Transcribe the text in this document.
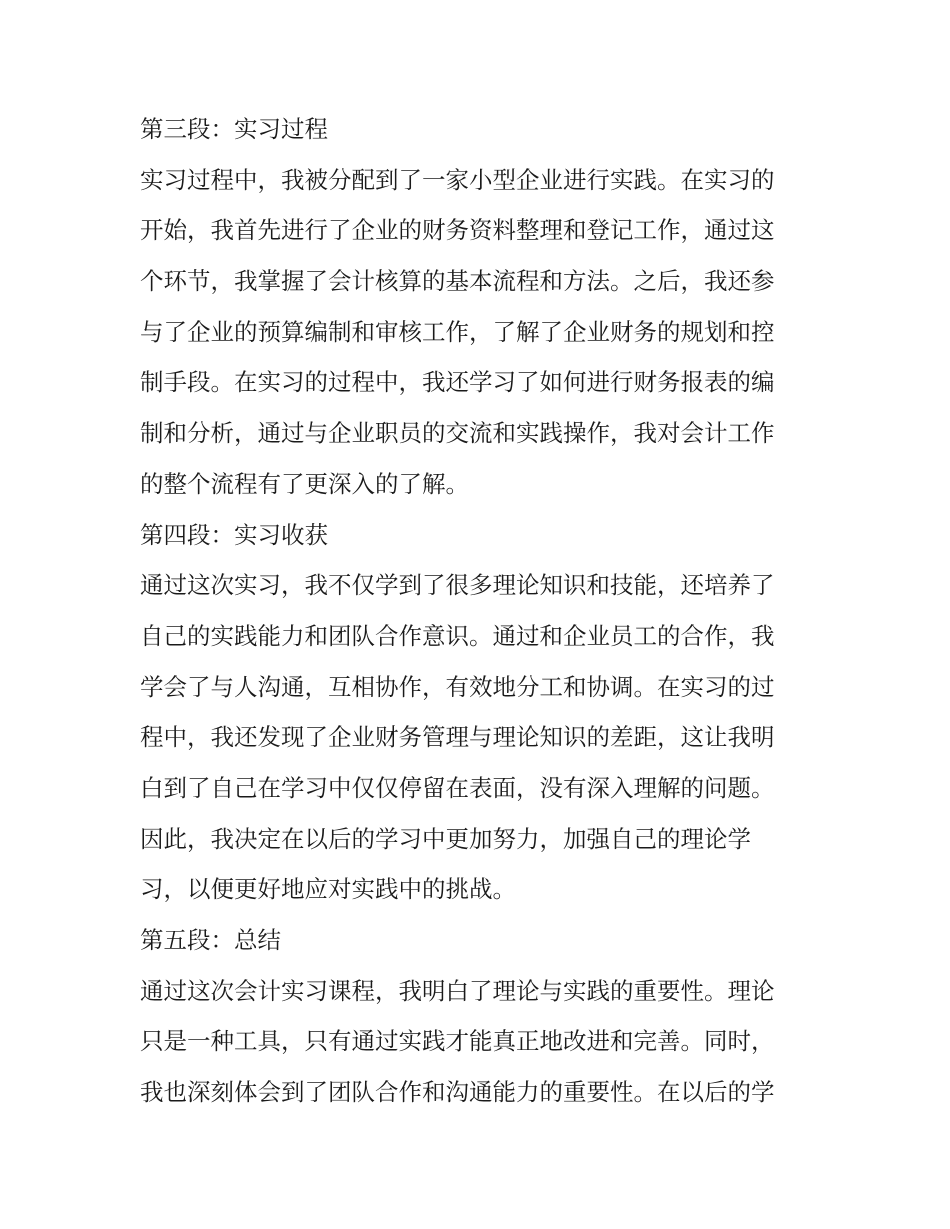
第三段：实习过程
实习过程中，我被分配到了一家小型企业进行实践。在实习的
开始，我首先进行了企业的财务资料整理和登记工作，通过这
个环节，我掌握了会计核算的基本流程和方法。之后，我还参
与了企业的预算编制和审核工作，了解了企业财务的规划和控
制手段。在实习的过程中，我还学习了如何进行财务报表的编
制和分析，通过与企业职员的交流和实践操作，我对会计工作
的整个流程有了更深入的了解。
第四段：实习收获
通过这次实习，我不仅学到了很多理论知识和技能，还培养了
自己的实践能力和团队合作意识。通过和企业员工的合作，我
学会了与人沟通，互相协作，有效地分工和协调。在实习的过
程中，我还发现了企业财务管理与理论知识的差距，这让我明
白到了自己在学习中仅仅停留在表面，没有深入理解的问题。
因此，我决定在以后的学习中更加努力，加强自己的理论学
习，以便更好地应对实践中的挑战。
第五段：总结
通过这次会计实习课程，我明白了理论与实践的重要性。理论
只是一种工具，只有通过实践才能真正地改进和完善。同时，
我也深刻体会到了团队合作和沟通能力的重要性。在以后的学
